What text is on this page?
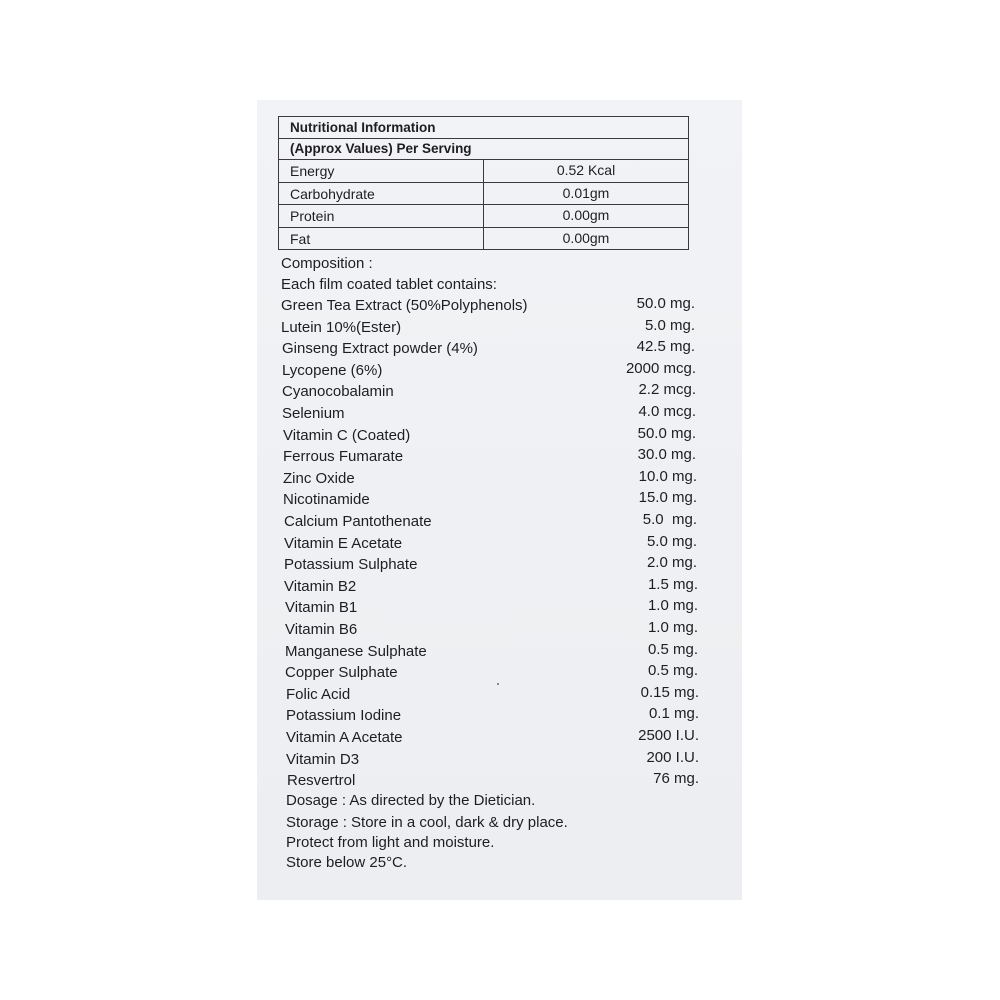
Nutritional Information
(Approx Values) Per Serving
Energy	0.52 Kcal
Carbohydrate	0.01gm
Protein	0.00gm
Fat	0.00gm
Composition :
Each film coated tablet contains:
Green Tea Extract (50%Polyphenols)	50.0 mg.
Lutein 10%(Ester)	5.0 mg.
Ginseng Extract powder (4%)	42.5 mg.
Lycopene (6%)	2000 mcg.
Cyanocobalamin	2.2 mcg.
Selenium	4.0 mcg.
Vitamin C (Coated)	50.0 mg.
Ferrous Fumarate	30.0 mg.
Zinc Oxide	10.0 mg.
Nicotinamide	15.0 mg.
Calcium Pantothenate	5.0  mg.
Vitamin E Acetate	5.0 mg.
Potassium Sulphate	2.0 mg.
Vitamin B2	1.5 mg.
Vitamin B1	1.0 mg.
Vitamin B6	1.0 mg.
Manganese Sulphate	0.5 mg.
Copper Sulphate	0.5 mg.
Folic Acid	0.15 mg.
Potassium Iodine	0.1 mg.
Vitamin A Acetate	2500 I.U.
Vitamin D3	200 I.U.
Resvertrol	76 mg.
Dosage : As directed by the Dietician.
Storage : Store in a cool, dark & dry place.
Protect from light and moisture.
Store below 25°C.
